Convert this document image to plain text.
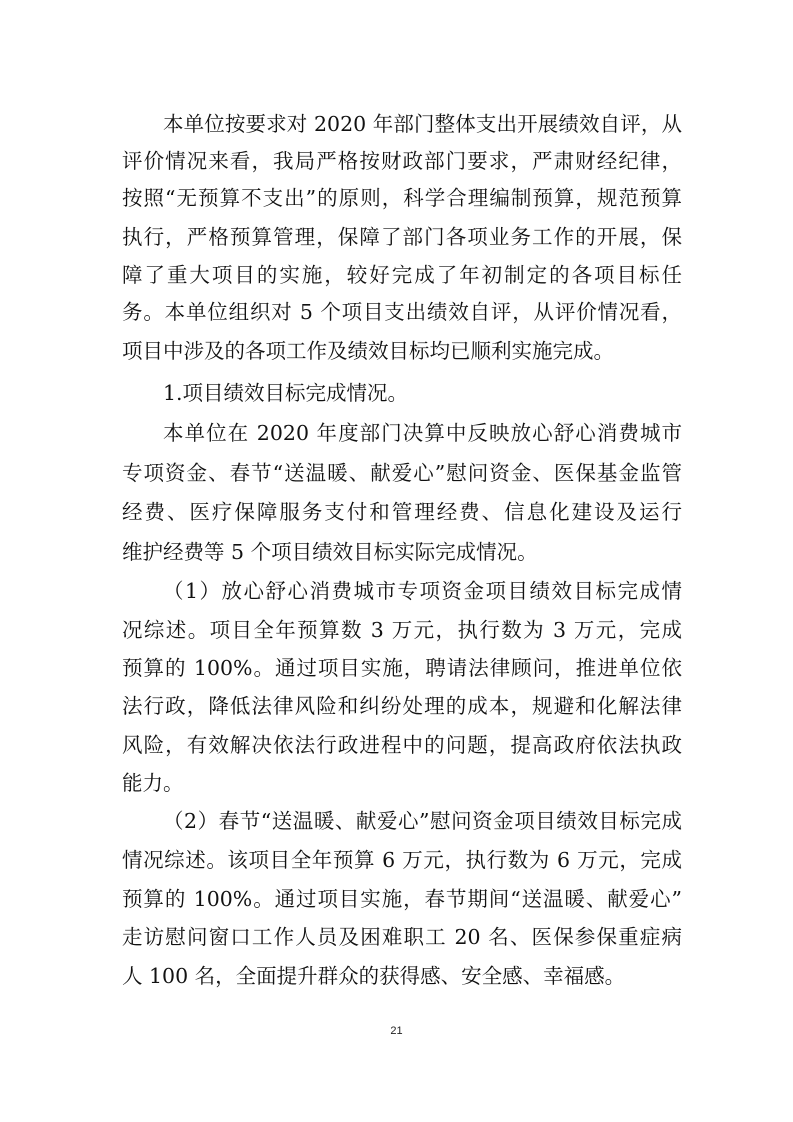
本单位按要求对 2020 年部门整体支出开展绩效自评，从
评价情况来看，我局严格按财政部门要求，严肃财经纪律，
按照“无预算不支出”的原则，科学合理编制预算，规范预算
执行，严格预算管理，保障了部门各项业务工作的开展，保
障了重大项目的实施，较好完成了年初制定的各项目标任
务。本单位组织对 5 个项目支出绩效自评，从评价情况看，
项目中涉及的各项工作及绩效目标均已顺利实施完成。
1.项目绩效目标完成情况。
本单位在 2020 年度部门决算中反映放心舒心消费城市
专项资金、春节“送温暖、献爱心”慰问资金、医保基金监管
经费、医疗保障服务支付和管理经费、信息化建设及运行
维护经费等 5 个项目绩效目标实际完成情况。
（1）放心舒心消费城市专项资金项目绩效目标完成情
况综述。项目全年预算数 3 万元，执行数为 3 万元，完成
预算的 100%。通过项目实施，聘请法律顾问，推进单位依
法行政，降低法律风险和纠纷处理的成本，规避和化解法律
风险，有效解决依法行政进程中的问题，提高政府依法执政
能力。
（2）春节“送温暖、献爱心”慰问资金项目绩效目标完成
情况综述。该项目全年预算 6 万元，执行数为 6 万元，完成
预算的 100%。通过项目实施，春节期间“送温暖、献爱心”
走访慰问窗口工作人员及困难职工 20 名、医保参保重症病
人 100 名，全面提升群众的获得感、安全感、幸福感。
21
